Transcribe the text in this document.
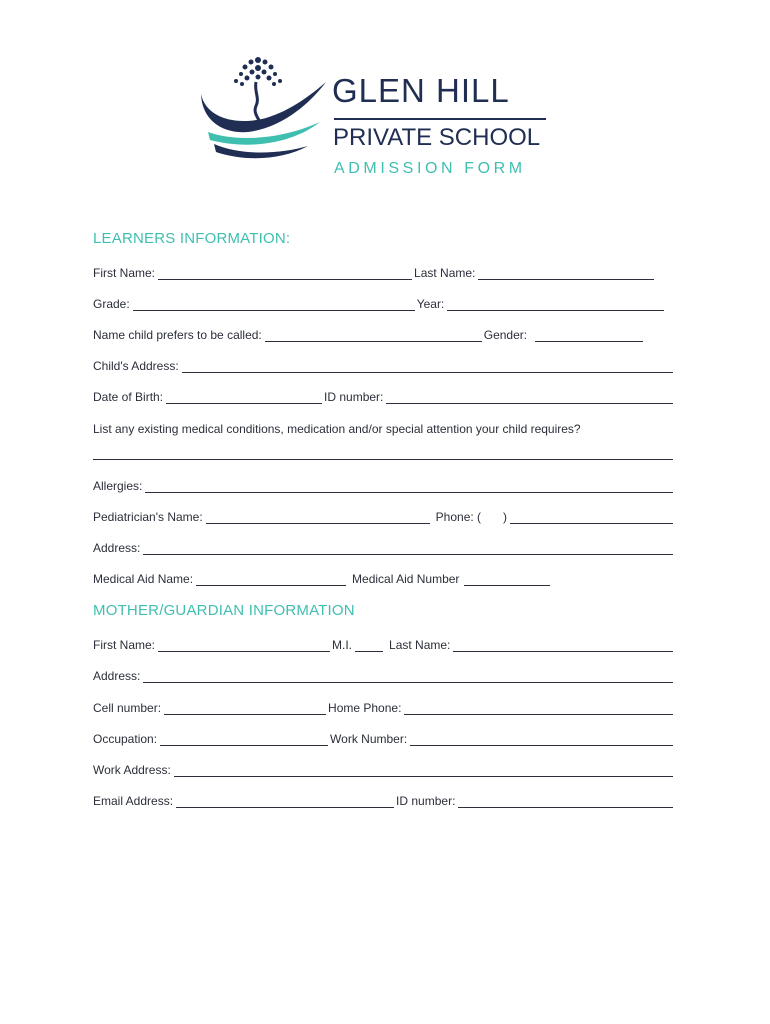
GLEN HILL
PRIVATE SCHOOL
ADMISSION FORM
LEARNERS INFORMATION:
First Name:	Last Name:
Grade:	Year:
Name child prefers to be called:	Gender:
Child's Address:
Date of Birth:	ID number:
List any existing medical conditions, medication and/or special attention your child requires?
Allergies:
Pediatrician's Name:	Phone: (	)
Address:
Medical Aid Name:	Medical Aid Number
MOTHER/GUARDIAN INFORMATION
First Name:	M.I.	Last Name:
Address:
Cell number:	Home Phone:
Occupation:	Work Number:
Work Address:
Email Address:	ID number:
